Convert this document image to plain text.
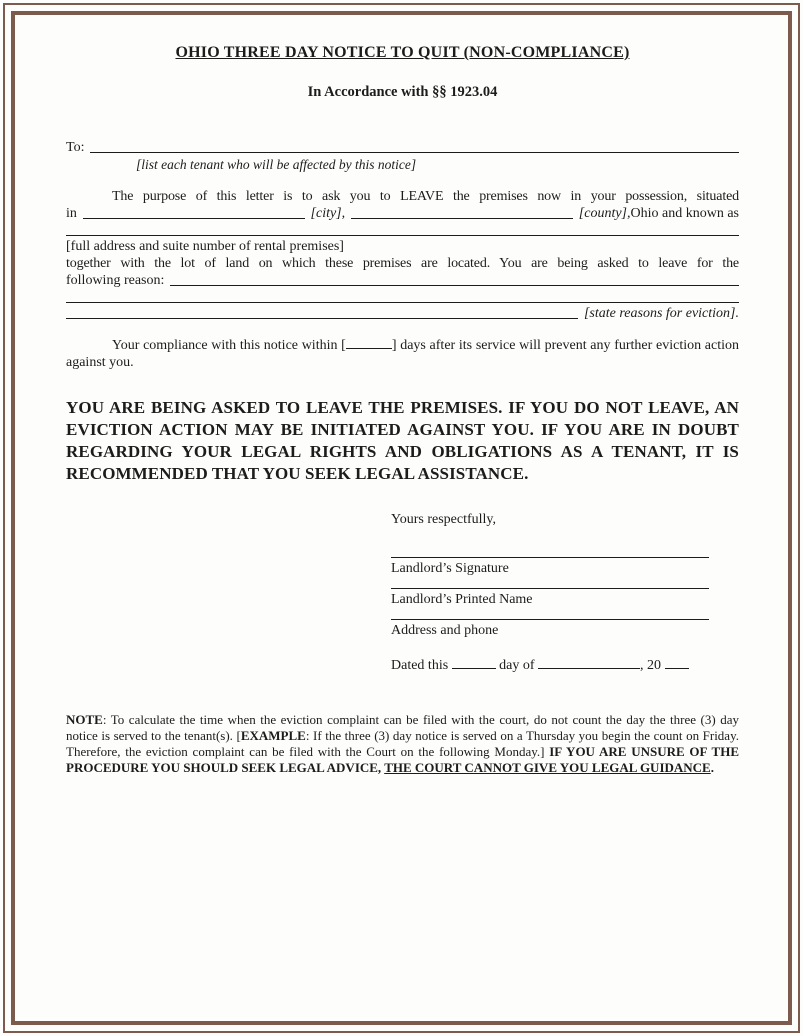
OHIO THREE DAY NOTICE TO QUIT (NON-COMPLIANCE)
In Accordance with §§ 1923.04
To:
[list each tenant who will be affected by this notice]
The purpose of this letter is to ask you to LEAVE the premises now in your possession, situated
in	[city],	[county], Ohio and known as
[full address and suite number of rental premises]
together with the lot of land on which these premises are located. You are being asked to leave for the
following reason:
[state reasons for eviction].

Your compliance with this notice within [	] days after its service will prevent any further eviction action against you.

YOU ARE BEING ASKED TO LEAVE THE PREMISES. IF YOU DO NOT LEAVE, AN EVICTION ACTION MAY BE INITIATED AGAINST YOU. IF YOU ARE IN DOUBT REGARDING YOUR LEGAL RIGHTS AND OBLIGATIONS AS A TENANT, IT IS RECOMMENDED THAT YOU SEEK LEGAL ASSISTANCE.

Yours respectfully,
Landlord’s Signature
Landlord’s Printed Name
Address and phone
Dated this	day of	, 20

NOTE: To calculate the time when the eviction complaint can be filed with the court, do not count the day the three (3) day notice is served to the tenant(s). [EXAMPLE: If the three (3) day notice is served on a Thursday you begin the count on Friday. Therefore, the eviction complaint can be filed with the Court on the following Monday.] IF YOU ARE UNSURE OF THE PROCEDURE YOU SHOULD SEEK LEGAL ADVICE, THE COURT CANNOT GIVE YOU LEGAL GUIDANCE.
